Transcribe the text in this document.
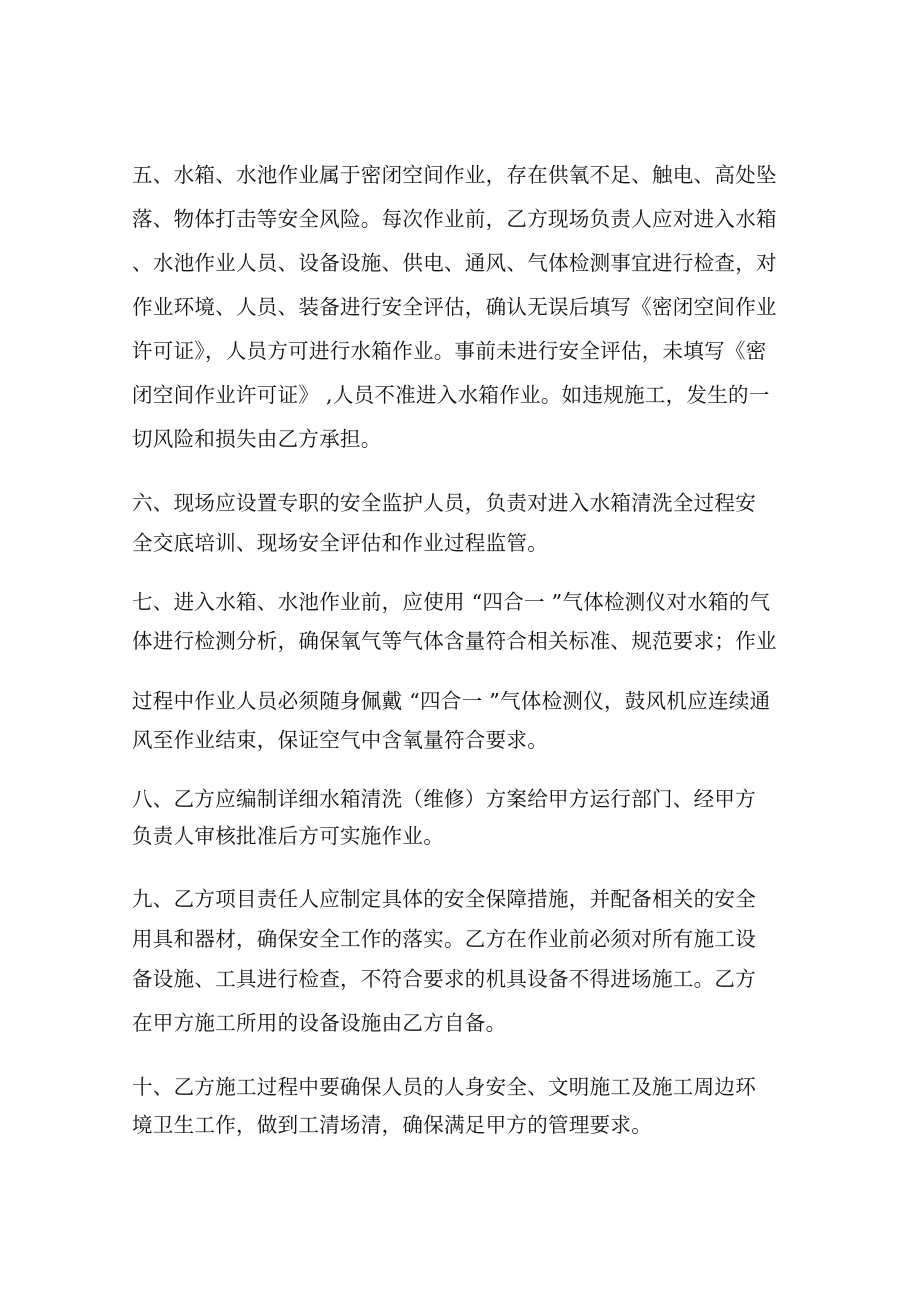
五、水箱、水池作业属于密闭空间作业，存在供氧不足、触电、高处坠
落、物体打击等安全风险。每次作业前，乙方现场负责人应对进入水箱
、水池作业人员、设备设施、供电、通风、气体检测事宜进行检查，对
作业环境、人员、装备进行安全评估，确认无误后填写《密闭空间作业
许可证》，人员方可进行水箱作业。事前未进行安全评估，未填写《密
闭空间作业许可证》 ,人员不准进入水箱作业。如违规施工，发生的一
切风险和损失由乙方承担。
六、现场应设置专职的安全监护人员，负责对进入水箱清洗全过程安
全交底培训、现场安全评估和作业过程监管。
七、进入水箱、水池作业前，应使用 “四合一 ”气体检测仪对水箱的气
体进行检测分析，确保氧气等气体含量符合相关标准、规范要求；作业
过程中作业人员必须随身佩戴 “四合一 ”气体检测仪，鼓风机应连续通
风至作业结束，保证空气中含氧量符合要求。
八、乙方应编制详细水箱清洗（维修）方案给甲方运行部门、经甲方
负责人审核批准后方可实施作业。
九、乙方项目责任人应制定具体的安全保障措施，并配备相关的安全
用具和器材，确保安全工作的落实。乙方在作业前必须对所有施工设
备设施、工具进行检查，不符合要求的机具设备不得进场施工。乙方
在甲方施工所用的设备设施由乙方自备。
十、乙方施工过程中要确保人员的人身安全、文明施工及施工周边环
境卫生工作，做到工清场清，确保满足甲方的管理要求。
